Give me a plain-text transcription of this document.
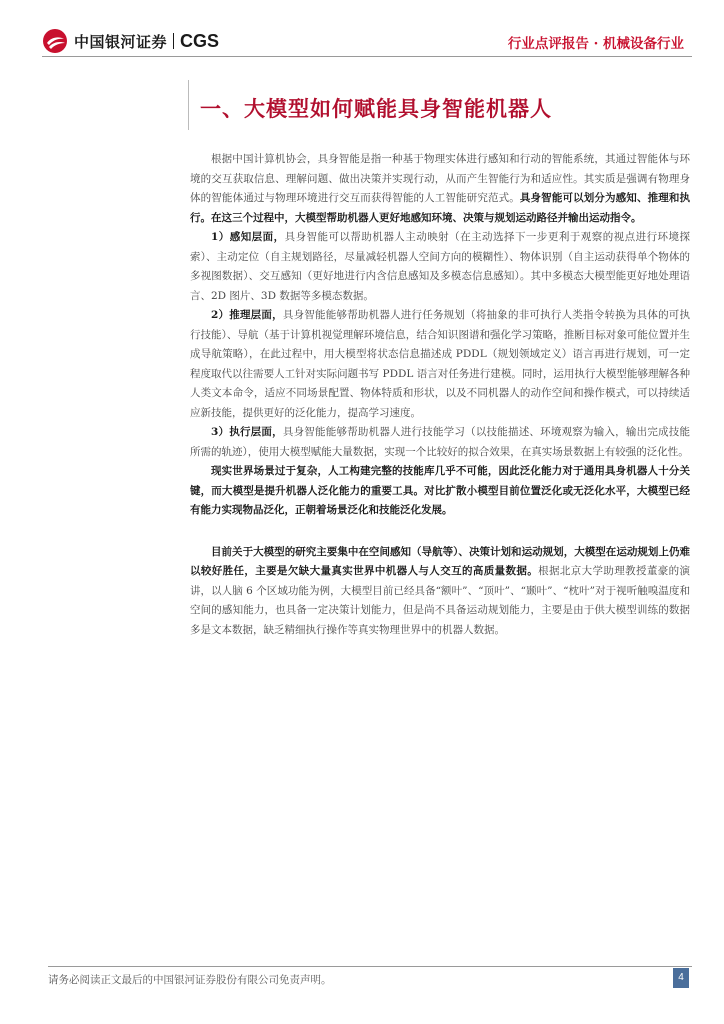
中国银河证券 CGS	行业点评报告 · 机械设备行业
一、大模型如何赋能具身智能机器人

根据中国计算机协会，具身智能是指一种基于物理实体进行感知和行动的智能系统，其通过智能体与环境的交互获取信息、理解问题、做出决策并实现行动，从而产生智能行为和适应性。其实质是强调有物理身体的智能体通过与物理环境进行交互而获得智能的人工智能研究范式。具身智能可以划分为感知、推理和执行。在这三个过程中，大模型帮助机器人更好地感知环境、决策与规划运动路径并输出运动指令。

1）感知层面，具身智能可以帮助机器人主动映射（在主动选择下一步更利于观察的视点进行环境探索）、主动定位（自主规划路径，尽量减轻机器人空间方向的模糊性）、物体识别（自主运动获得单个物体的多视图数据）、交互感知（更好地进行内含信息感知及多模态信息感知）。其中多模态大模型能更好地处理语言、2D 图片、3D 数据等多模态数据。

2）推理层面，具身智能能够帮助机器人进行任务规划（将抽象的非可执行人类指令转换为具体的可执行技能）、导航（基于计算机视觉理解环境信息，结合知识图谱和强化学习策略，推断目标对象可能位置并生成导航策略），在此过程中，用大模型将状态信息描述成 PDDL（规划领域定义）语言再进行规划，可一定程度取代以往需要人工针对实际问题书写 PDDL 语言对任务进行建模。同时，运用执行大模型能够理解各种人类文本命令，适应不同场景配置、物体特质和形状，以及不同机器人的动作空间和操作模式，可以持续适应新技能，提供更好的泛化能力，提高学习速度。

3）执行层面，具身智能能够帮助机器人进行技能学习（以技能描述、环境观察为输入，输出完成技能所需的轨迹），使用大模型赋能大量数据，实现一个比较好的拟合效果，在真实场景数据上有较强的泛化性。

现实世界场景过于复杂，人工构建完整的技能库几乎不可能，因此泛化能力对于通用具身机器人十分关键，而大模型是提升机器人泛化能力的重要工具。对比扩散小模型目前位置泛化或无泛化水平，大模型已经有能力实现物品泛化，正朝着场景泛化和技能泛化发展。

目前关于大模型的研究主要集中在空间感知（导航等）、决策计划和运动规划，大模型在运动规划上仍难以较好胜任，主要是欠缺大量真实世界中机器人与人交互的高质量数据。根据北京大学助理教授董豪的演讲，以人脑 6 个区域功能为例，大模型目前已经具备“额叶”、“顶叶”、“颞叶”、“枕叶”对于视听触嗅温度和空间的感知能力，也具备一定决策计划能力，但是尚不具备运动规划能力，主要是由于供大模型训练的数据多是文本数据，缺乏精细执行操作等真实物理世界中的机器人数据。

请务必阅读正文最后的中国银河证券股份有限公司免责声明。	4
